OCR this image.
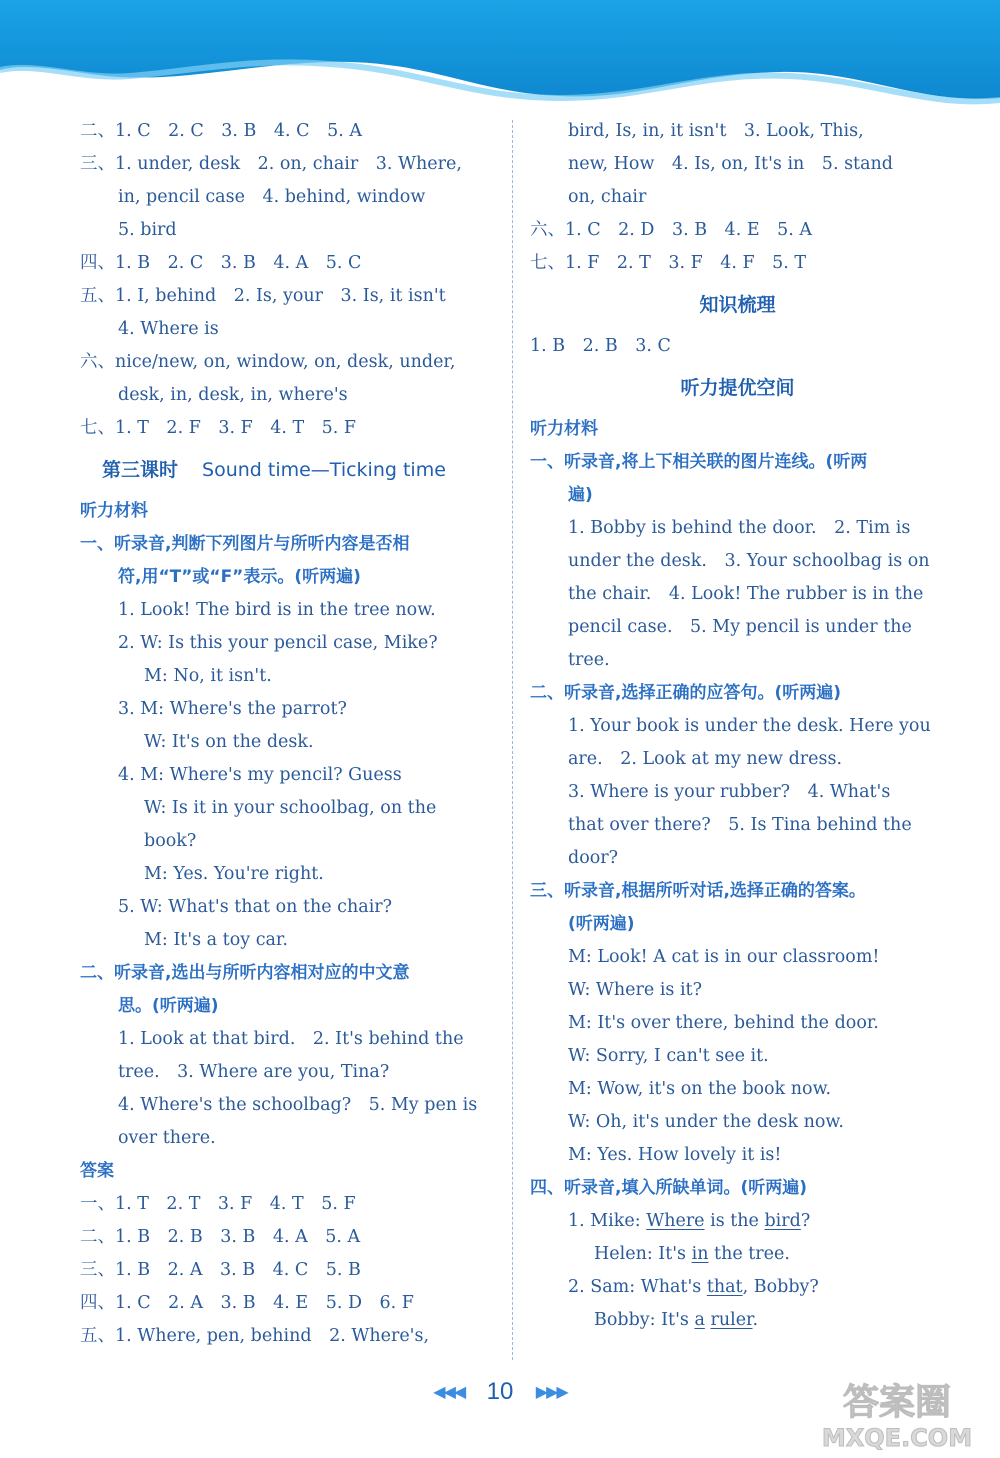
二、1. C　2. C　3. B　4. C　5. A
三、1. under, desk　2. on, chair　3. Where,
in, pencil case　4. behind, window
5. bird
四、1. B　2. C　3. B　4. A　5. C
五、1. I, behind　2. Is, your　3. Is, it isn't
4. Where is
六、nice/new, on, window, on, desk, under,
desk, in, desk, in, where's
七、1. T　2. F　3. F　4. T　5. F
第三课时 Sound time—Ticking time
听力材料
一、听录音,判断下列图片与所听内容是否相
符,用“T”或“F”表示。(听两遍)
1. Look! The bird is in the tree now.
2. W: Is this your pencil case, Mike?
M: No, it isn't.
3. M: Where's the parrot?
W: It's on the desk.
4. M: Where's my pencil? Guess
W: Is it in your schoolbag, on the
book?
M: Yes. You're right.
5. W: What's that on the chair?
M: It's a toy car.
二、听录音,选出与所听内容相对应的中文意
思。(听两遍)
1. Look at that bird.　2. It's behind the
tree.　3. Where are you, Tina?
4. Where's the schoolbag?　5. My pen is
over there.
答案
一、1. T　2. T　3. F　4. T　5. F
二、1. B　2. B　3. B　4. A　5. A
三、1. B　2. A　3. B　4. C　5. B
四、1. C　2. A　3. B　4. E　5. D　6. F
五、1. Where, pen, behind　2. Where's,
bird, Is, in, it isn't　3. Look, This,
new, How　4. Is, on, It's in　5. stand
on, chair
六、1. C　2. D　3. B　4. E　5. A
七、1. F　2. T　3. F　4. F　5. T
知识梳理
1. B　2. B　3. C
听力提优空间
听力材料
一、听录音,将上下相关联的图片连线。(听两
遍)
1. Bobby is behind the door.　2. Tim is
under the desk.　3. Your schoolbag is on
the chair.　4. Look! The rubber is in the
pencil case.　5. My pencil is under the
tree.
二、听录音,选择正确的应答句。(听两遍)
1. Your book is under the desk. Here you
are.　2. Look at my new dress.
3. Where is your rubber?　4. What's
that over there?　5. Is Tina behind the
door?
三、听录音,根据所听对话,选择正确的答案。
(听两遍)
M: Look! A cat is in our classroom!
W: Where is it?
M: It's over there, behind the door.
W: Sorry, I can't see it.
M: Wow, it's on the book now.
W: Oh, it's under the desk now.
M: Yes. How lovely it is!
四、听录音,填入所缺单词。(听两遍)
1. Mike: Where is the bird?
Helen: It's in the tree.
2. Sam: What's that, Bobby?
Bobby: It's a ruler.
◀◀◀ 10 ▶▶▶	答案圈
MXQE.COM
